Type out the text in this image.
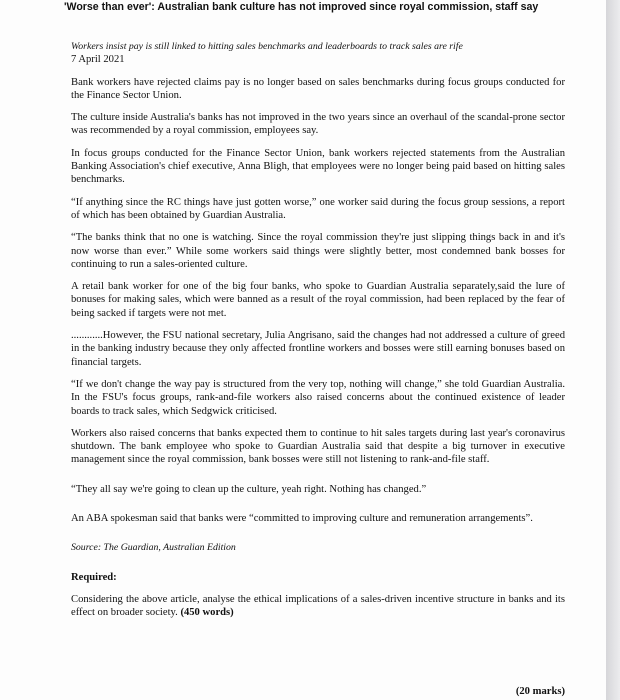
'Worse than ever': Australian bank culture has not improved since royal commission, staff say

Workers insist pay is still linked to hitting sales benchmarks and leaderboards to track sales are rife

7 April 2021

Bank workers have rejected claims pay is no longer based on sales benchmarks during focus groups conducted for the Finance Sector Union.

The culture inside Australia's banks has not improved in the two years since an overhaul of the scandal-prone sector was recommended by a royal commission, employees say.

In focus groups conducted for the Finance Sector Union, bank workers rejected statements from the Australian Banking Association's chief executive, Anna Bligh, that employees were no longer being paid based on hitting sales benchmarks.

“If anything since the RC things have just gotten worse,” one worker said during the focus group sessions, a report of which has been obtained by Guardian Australia.

“The banks think that no one is watching. Since the royal commission they're just slipping things back in and it's now worse than ever.” While some workers said things were slightly better, most condemned bank bosses for continuing to run a sales-oriented culture.

A retail bank worker for one of the big four banks, who spoke to Guardian Australia separately,said the lure of bonuses for making sales, which were banned as a result of the royal commission, had been replaced by the fear of being sacked if targets were not met.

............However, the FSU national secretary, Julia Angrisano, said the changes had not addressed a culture of greed in the banking industry because they only affected frontline workers and bosses were still earning bonuses based on financial targets.

“If we don't change the way pay is structured from the very top, nothing will change,” she told Guardian Australia. In the FSU's focus groups, rank-and-file workers also raised concerns about the continued existence of leader boards to track sales, which Sedgwick criticised.

Workers also raised concerns that banks expected them to continue to hit sales targets during last year's coronavirus shutdown. The bank employee who spoke to Guardian Australia said that despite a big turnover in executive management since the royal commission, bank bosses were still not listening to rank-and-file staff.

“They all say we're going to clean up the culture, yeah right. Nothing has changed.”

An ABA spokesman said that banks were “committed to improving culture and remuneration arrangements”.

Source: The Guardian, Australian Edition

Required:

Considering the above article, analyse the ethical implications of a sales-driven incentive structure in banks and its effect on broader society. (450 words)

(20 marks)
